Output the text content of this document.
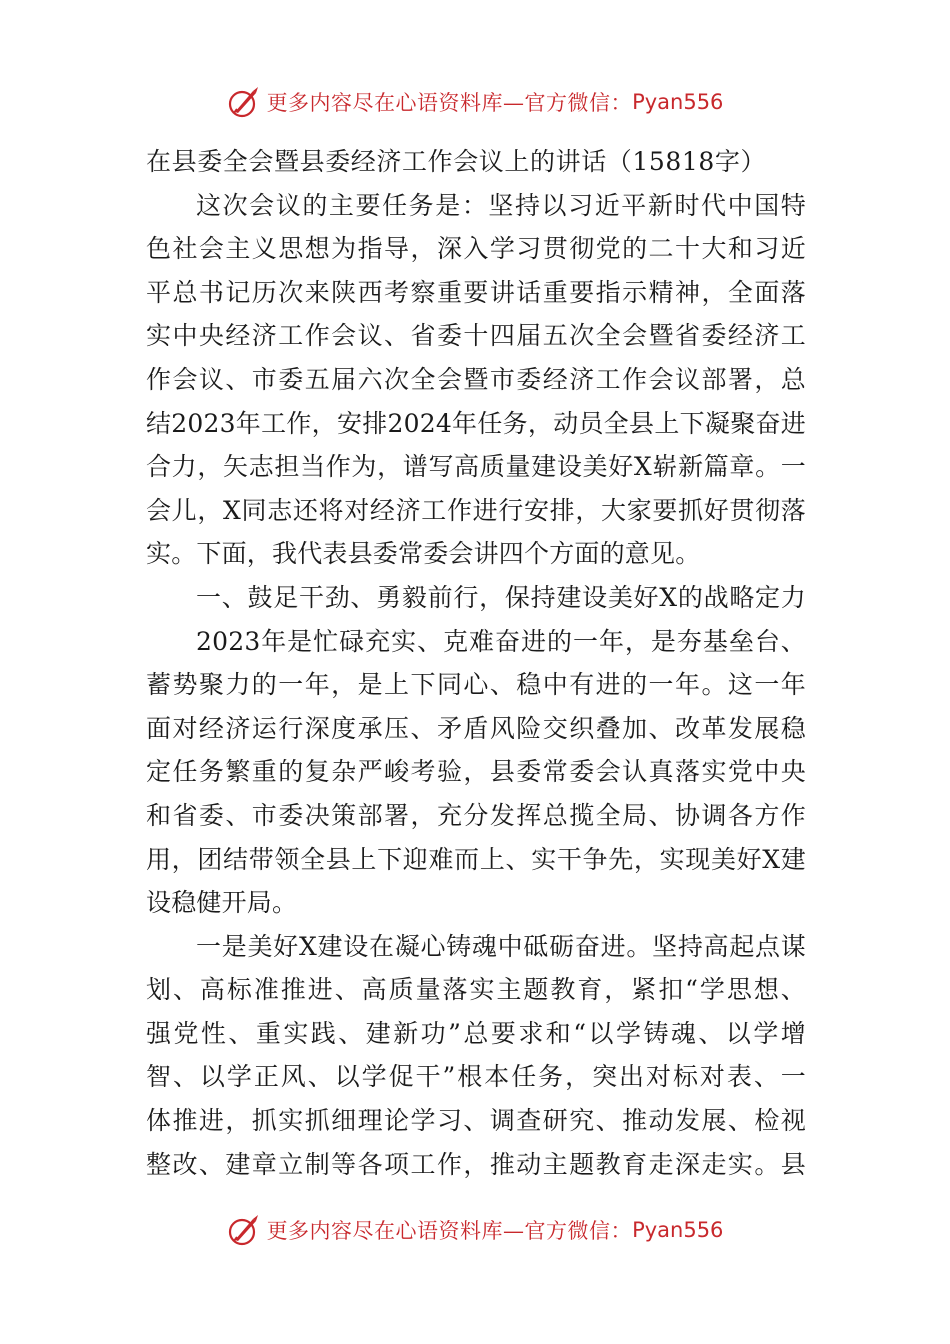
更多内容尽在心语资料库—官方微信： Pyan556
在县委全会暨县委经济工作会议上的讲话（15818字）
这次会议的主要任务是：坚持以习近平新时代中国特
色社会主义思想为指导，深入学习贯彻党的二十大和习近
平总书记历次来陕西考察重要讲话重要指示精神，全面落
实中央经济工作会议、省委十四届五次全会暨省委经济工
作会议、市委五届六次全会暨市委经济工作会议部署，总
结2023年工作，安排2024年任务，动员全县上下凝聚奋进
合力，矢志担当作为，谱写高质量建设美好X崭新篇章。一
会儿，X同志还将对经济工作进行安排，大家要抓好贯彻落
实。下面，我代表县委常委会讲四个方面的意见。
一、鼓足干劲、勇毅前行，保持建设美好X的战略定力
2023年是忙碌充实、克难奋进的一年，是夯基垒台、
蓄势聚力的一年，是上下同心、稳中有进的一年。这一年
面对经济运行深度承压、矛盾风险交织叠加、改革发展稳
定任务繁重的复杂严峻考验，县委常委会认真落实党中央
和省委、市委决策部署，充分发挥总揽全局、协调各方作
用，团结带领全县上下迎难而上、实干争先，实现美好X建
设稳健开局。
一是美好X建设在凝心铸魂中砥砺奋进。坚持高起点谋
划、高标准推进、高质量落实主题教育，紧扣“学思想、
强党性、重实践、建新功”总要求和“以学铸魂、以学增
智、以学正风、以学促干”根本任务，突出对标对表、一
体推进，抓实抓细理论学习、调查研究、推动发展、检视
整改、建章立制等各项工作，推动主题教育走深走实。县
更多内容尽在心语资料库—官方微信： Pyan556
